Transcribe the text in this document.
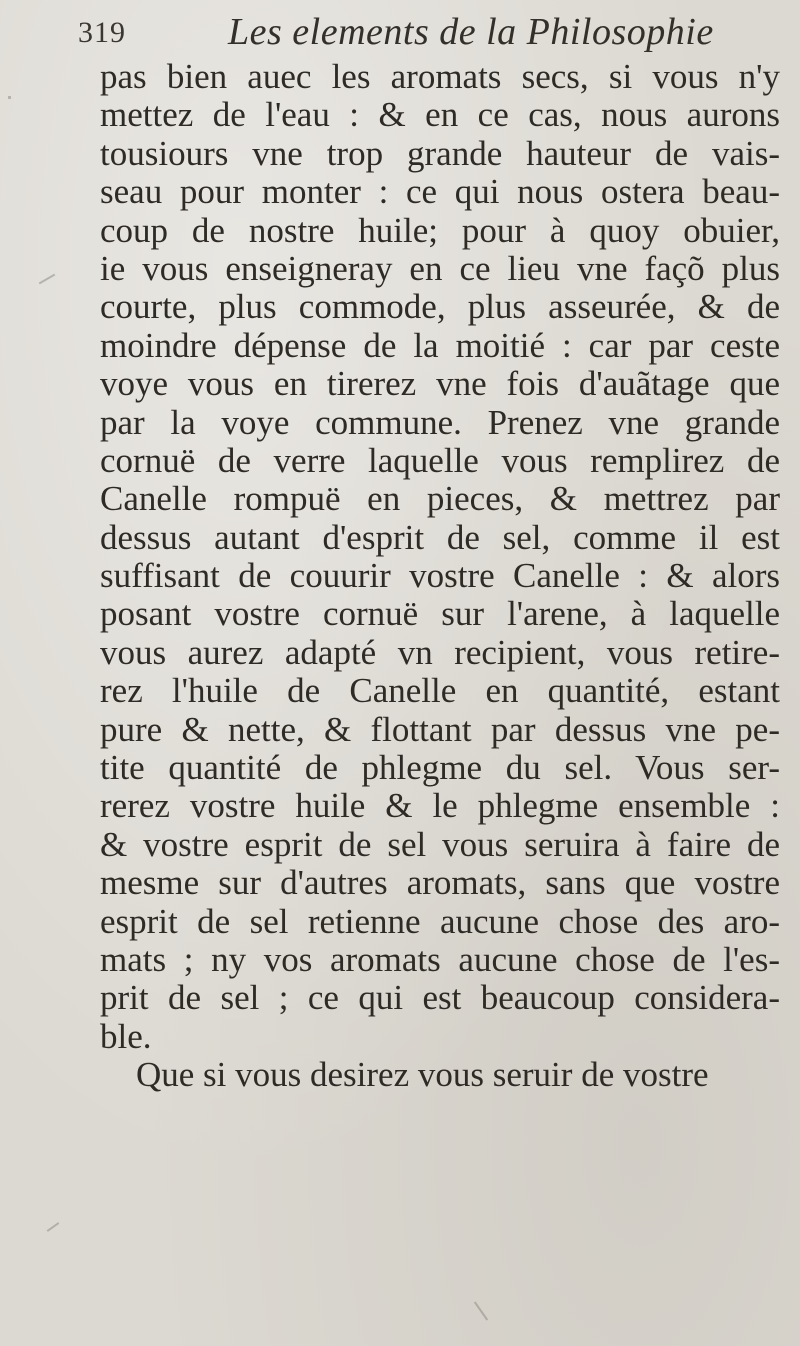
319	Les elements de la Philosophie
pas bien auec les aromats secs, si vous n'y
mettez de l'eau : & en ce cas, nous aurons
tousiours vne trop grande hauteur de vais-
seau pour monter : ce qui nous ostera beau-
coup de nostre huile; pour à quoy obuier,
ie vous enseigneray en ce lieu vne façõ plus
courte, plus commode, plus asseurée, & de
moindre dépense de la moitié : car par ceste
voye vous en tirerez vne fois d'auãtage que
par la voye commune. Prenez vne grande
cornuë de verre laquelle vous remplirez de
Canelle rompuë en pieces, & mettrez par
dessus autant d'esprit de sel, comme il est
suffisant de couurir vostre Canelle : & alors
posant vostre cornuë sur l'arene, à laquelle
vous aurez adapté vn recipient, vous retire-
rez l'huile de Canelle en quantité, estant
pure & nette, & flottant par dessus vne pe-
tite quantité de phlegme du sel. Vous ser-
rerez vostre huile & le phlegme ensemble :
& vostre esprit de sel vous seruira à faire de
mesme sur d'autres aromats, sans que vostre
esprit de sel retienne aucune chose des aro-
mats ; ny vos aromats aucune chose de l'es-
prit de sel ; ce qui est beaucoup considera-
ble.
Que si vous desirez vous seruir de vostre
